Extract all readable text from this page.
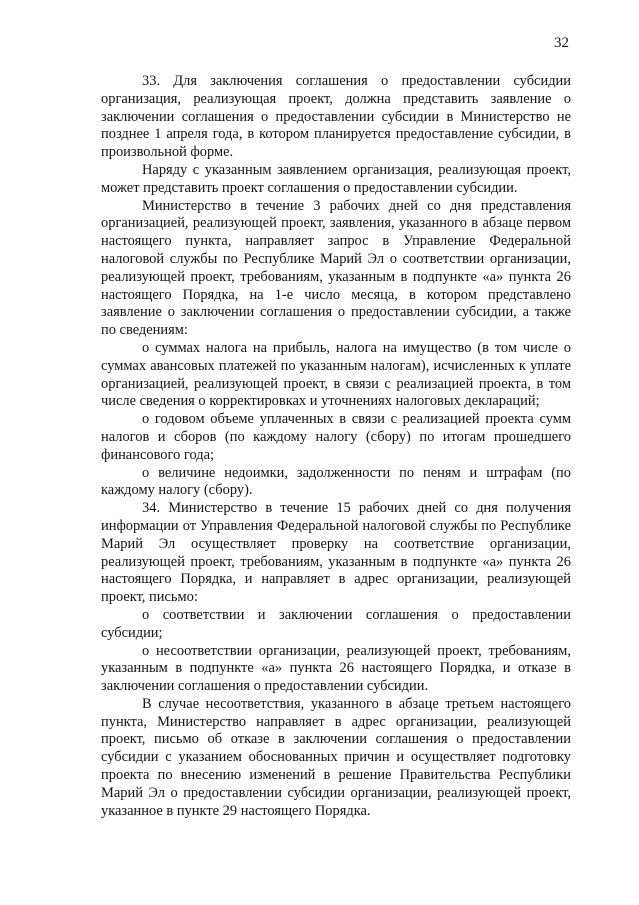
32

33. Для заключения соглашения о предоставлении субсидии организация, реализующая проект, должна представить заявление о заключении соглашения о предоставлении субсидии в Министерство не позднее 1 апреля года, в котором планируется предоставление субсидии, в произвольной форме.

Наряду с указанным заявлением организация, реализующая проект, может представить проект соглашения о предоставлении субсидии.

Министерство в течение 3 рабочих дней со дня представления организацией, реализующей проект, заявления, указанного в абзаце первом настоящего пункта, направляет запрос в Управление Федеральной налоговой службы по Республике Марий Эл о соответствии организации, реализующей проект, требованиям, указанным в подпункте «а» пункта 26 настоящего Порядка, на 1-е число месяца, в котором представлено заявление о заключении соглашения о предоставлении субсидии, а также по сведениям:

о суммах налога на прибыль, налога на имущество (в том числе о суммах авансовых платежей по указанным налогам), исчисленных к уплате организацией, реализующей проект, в связи с реализацией проекта, в том числе сведения о корректировках и уточнениях налоговых деклараций;

о годовом объеме уплаченных в связи с реализацией проекта сумм налогов и сборов (по каждому налогу (сбору) по итогам прошедшего финансового года;

о величине недоимки, задолженности по пеням и штрафам (по каждому налогу (сбору).

34. Министерство в течение 15 рабочих дней со дня получения информации от Управления Федеральной налоговой службы по Республике Марий Эл осуществляет проверку на соответствие организации, реализующей проект, требованиям, указанным в подпункте «а» пункта 26 настоящего Порядка, и направляет в адрес организации, реализующей проект, письмо:

о соответствии и заключении соглашения о предоставлении субсидии;

о несоответствии организации, реализующей проект, требованиям, указанным в подпункте «а» пункта 26 настоящего Порядка, и отказе в заключении соглашения о предоставлении субсидии.

В случае несоответствия, указанного в абзаце третьем настоящего пункта, Министерство направляет в адрес организации, реализующей проект, письмо об отказе в заключении соглашения о предоставлении субсидии с указанием обоснованных причин и осуществляет подготовку проекта по внесению изменений в решение Правительства Республики Марий Эл о предоставлении субсидии организации, реализующей проект, указанное в пункте 29 настоящего Порядка.
